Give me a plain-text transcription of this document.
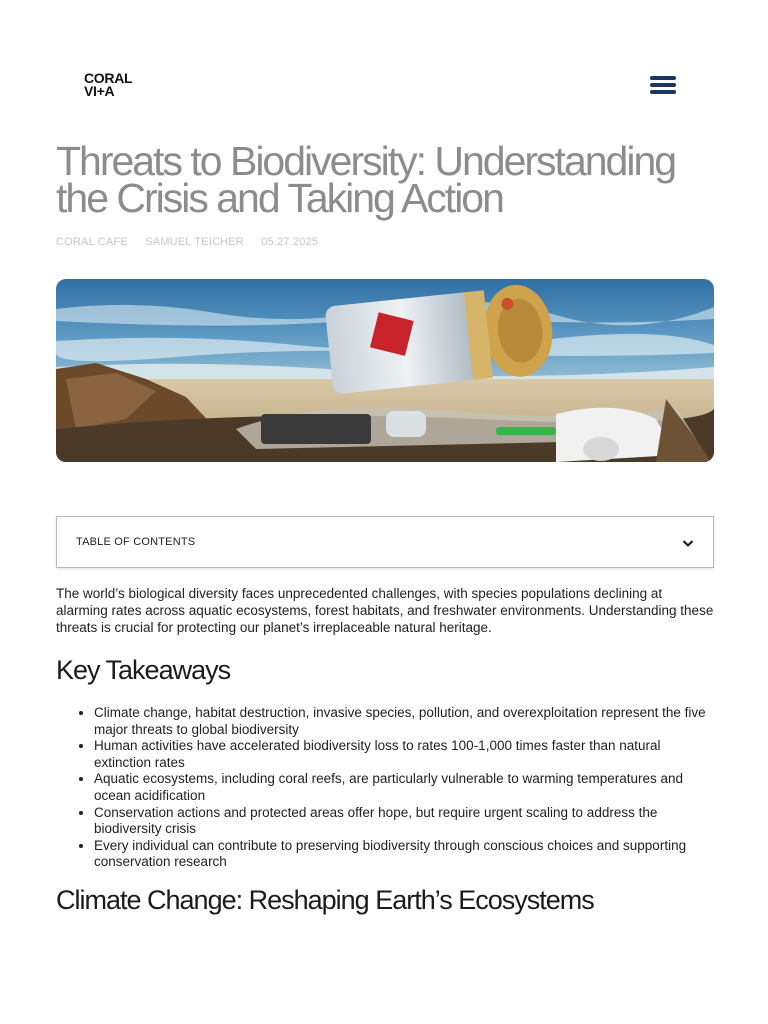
CORAL
VI+A
Threats to Biodiversity: Understanding the Crisis and Taking Action
CORAL CAFE SAMUEL TEICHER 05.27.2025
TABLE OF CONTENTS

The world’s biological diversity faces unprecedented challenges, with species populations declining at alarming rates across aquatic ecosystems, forest habitats, and freshwater environments. Understanding these threats is crucial for protecting our planet’s irreplaceable natural heritage.

Key Takeaways
• Climate change, habitat destruction, invasive species, pollution, and overexploitation represent the five major threats to global biodiversity
• Human activities have accelerated biodiversity loss to rates 100-1,000 times faster than natural extinction rates
• Aquatic ecosystems, including coral reefs, are particularly vulnerable to warming temperatures and ocean acidification
• Conservation actions and protected areas offer hope, but require urgent scaling to address the biodiversity crisis
• Every individual can contribute to preserving biodiversity through conscious choices and supporting conservation research
Climate Change: Reshaping Earth’s Ecosystems
